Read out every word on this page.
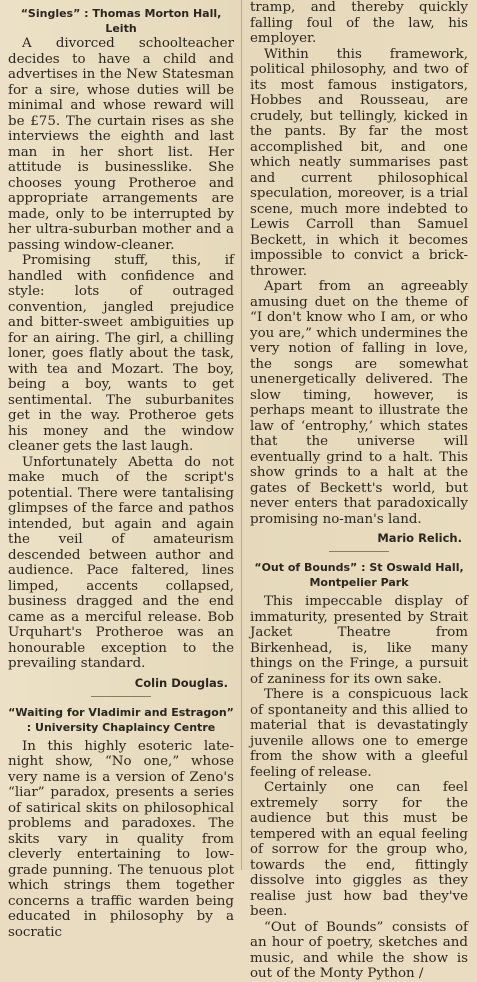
“Singles” : Thomas Morton Hall, Leith

A divorced schoolteacher decides to have a child and advertises in the New Statesman for a sire, whose duties will be minimal and whose reward will be £75. The curtain rises as she interviews the eighth and last man in her short list. Her attitude is businesslike. She chooses young Protheroe and appropriate arrangements are made, only to be interrupted by her ultra-suburban mother and a passing window-cleaner.

Promising stuff, this, if handled with confidence and style: lots of outraged convention, jangled prejudice and bitter-sweet ambiguities up for an airing. The girl, a chilling loner, goes flatly about the task, with tea and Mozart. The boy, being a boy, wants to get sentimental. The suburbanites get in the way. Protheroe gets his money and the window cleaner gets the last laugh.

Unfortunately Abetta do not make much of the script's potential. There were tantalising glimpses of the farce and pathos intended, but again and again the veil of amateurism descended between author and audience. Pace faltered, lines limped, accents collapsed, business dragged and the end came as a merciful release. Bob Urquhart's Protheroe was an honourable exception to the prevailing standard.

Colin Douglas.

“Waiting for Vladimir and Estragon” : University Chaplaincy Centre

In this highly esoteric late-night show, “No one,” whose very name is a version of Zeno's “liar” paradox, presents a series of satirical skits on philosophical problems and paradoxes. The skits vary in quality from cleverly entertaining to low-grade punning. The tenuous plot which strings them together concerns a traffic warden being educated in philosophy by a socratic

tramp, and thereby quickly falling foul of the law, his employer.

Within this framework, political philosophy, and two of its most famous instigators, Hobbes and Rousseau, are crudely, but tellingly, kicked in the pants. By far the most accomplished bit, and one which neatly summarises past and current philosophical speculation, moreover, is a trial scene, much more indebted to Lewis Carroll than Samuel Beckett, in which it becomes impossible to convict a brick-thrower.

Apart from an agreeably amusing duet on the theme of “I don't know who I am, or who you are,” which undermines the very notion of falling in love, the songs are somewhat unenergetically delivered. The slow timing, however, is perhaps meant to illustrate the law of ‘entrophy,’ which states that the universe will eventually grind to a halt. This show grinds to a halt at the gates of Beckett's world, but never enters that paradoxically promising no-man's land.

Mario Relich.

“Out of Bounds” : St Oswald Hall, Montpelier Park

This impeccable display of immaturity, presented by Strait Jacket Theatre from Birkenhead, is, like many things on the Fringe, a pursuit of zaniness for its own sake.

There is a conspicuous lack of spontaneity and this allied to material that is devastatingly juvenile allows one to emerge from the show with a gleeful feeling of release.

Certainly one can feel extremely sorry for the audience but this must be tempered with an equal feeling of sorrow for the group who, towards the end, fittingly dissolve into giggles as they realise just how bad they've been.

“Out of Bounds” consists of an hour of poetry, sketches and music, and while the show is out of the Monty Python /
